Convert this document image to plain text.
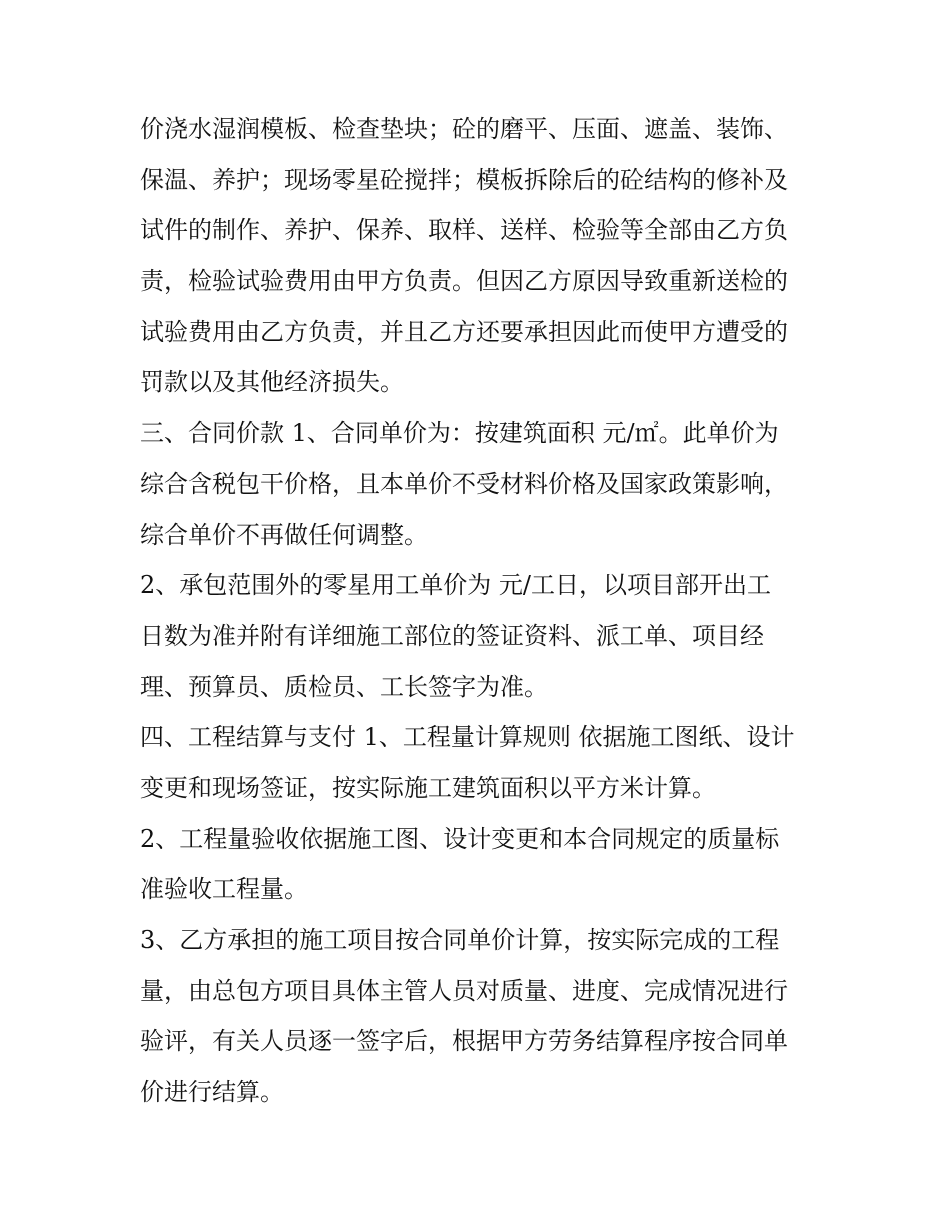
价浇水湿润模板、检查垫块；砼的磨平、压面、遮盖、装饰、
保温、养护；现场零星砼搅拌；模板拆除后的砼结构的修补及
试件的制作、养护、保养、取样、送样、检验等全部由乙方负
责，检验试验费用由甲方负责。但因乙方原因导致重新送检的
试验费用由乙方负责，并且乙方还要承担因此而使甲方遭受的
罚款以及其他经济损失。
三、合同价款 1、合同单价为：按建筑面积 元/㎡。此单价为
综合含税包干价格，且本单价不受材料价格及国家政策影响，
综合单价不再做任何调整。
2、承包范围外的零星用工单价为 元/工日，以项目部开出工
日数为准并附有详细施工部位的签证资料、派工单、项目经
理、预算员、质检员、工长签字为准。
四、工程结算与支付 1、工程量计算规则 依据施工图纸、设计
变更和现场签证，按实际施工建筑面积以平方米计算。
2、工程量验收依据施工图、设计变更和本合同规定的质量标
准验收工程量。
3、乙方承担的施工项目按合同单价计算，按实际完成的工程
量，由总包方项目具体主管人员对质量、进度、完成情况进行
验评，有关人员逐一签字后，根据甲方劳务结算程序按合同单
价进行结算。
